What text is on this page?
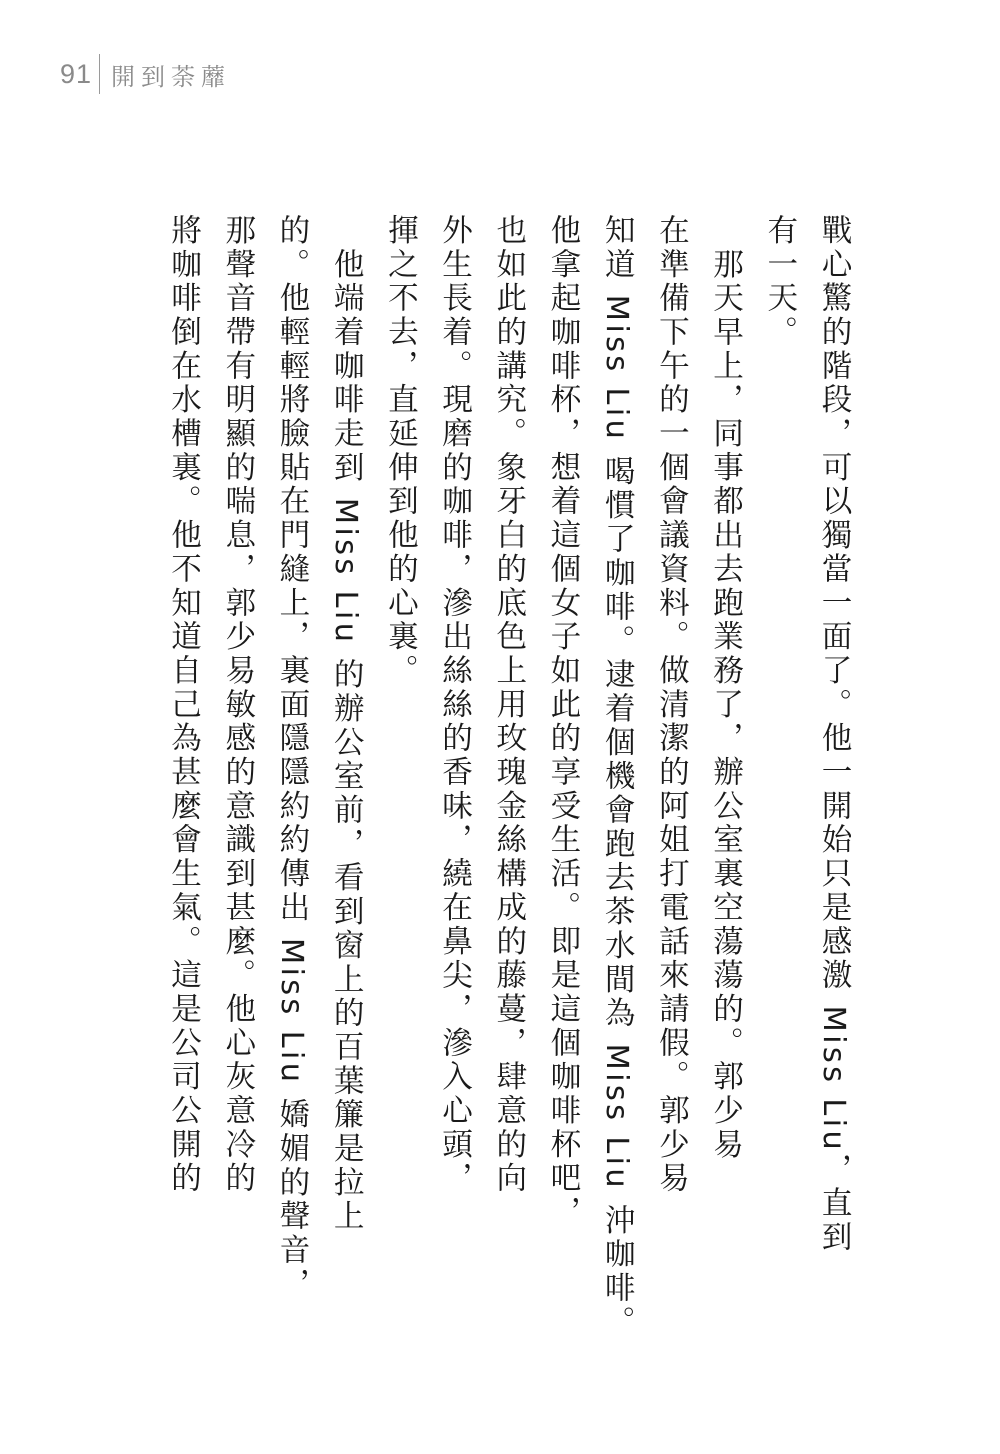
91 開到荼蘼

戰心驚的階段，可以獨當一面了。他一開始只是感激 Miss Liu，直到
有一天。
　那天早上，同事都出去跑業務了，辦公室裏空蕩蕩的。郭少易
在準備下午的一個會議資料。做清潔的阿姐打電話來請假。郭少易
知道 Miss Liu 喝慣了咖啡。逮着個機會跑去茶水間為 Miss Liu 沖咖啡。
他拿起咖啡杯，想着這個女子如此的享受生活。即是這個咖啡杯吧，
也如此的講究。象牙白的底色上用玫瑰金絲構成的藤蔓，肆意的向
外生長着。現磨的咖啡，滲出絲絲的香味，繞在鼻尖，滲入心頭，
揮之不去，直延伸到他的心裏。
　他端着咖啡走到 Miss Liu 的辦公室前，看到窗上的百葉簾是拉上
的。他輕輕將臉貼在門縫上，裏面隱隱約約傳出 Miss Liu 嬌媚的聲音，
那聲音帶有明顯的喘息，郭少易敏感的意識到甚麼。他心灰意冷的
將咖啡倒在水槽裏。他不知道自己為甚麼會生氣。這是公司公開的
